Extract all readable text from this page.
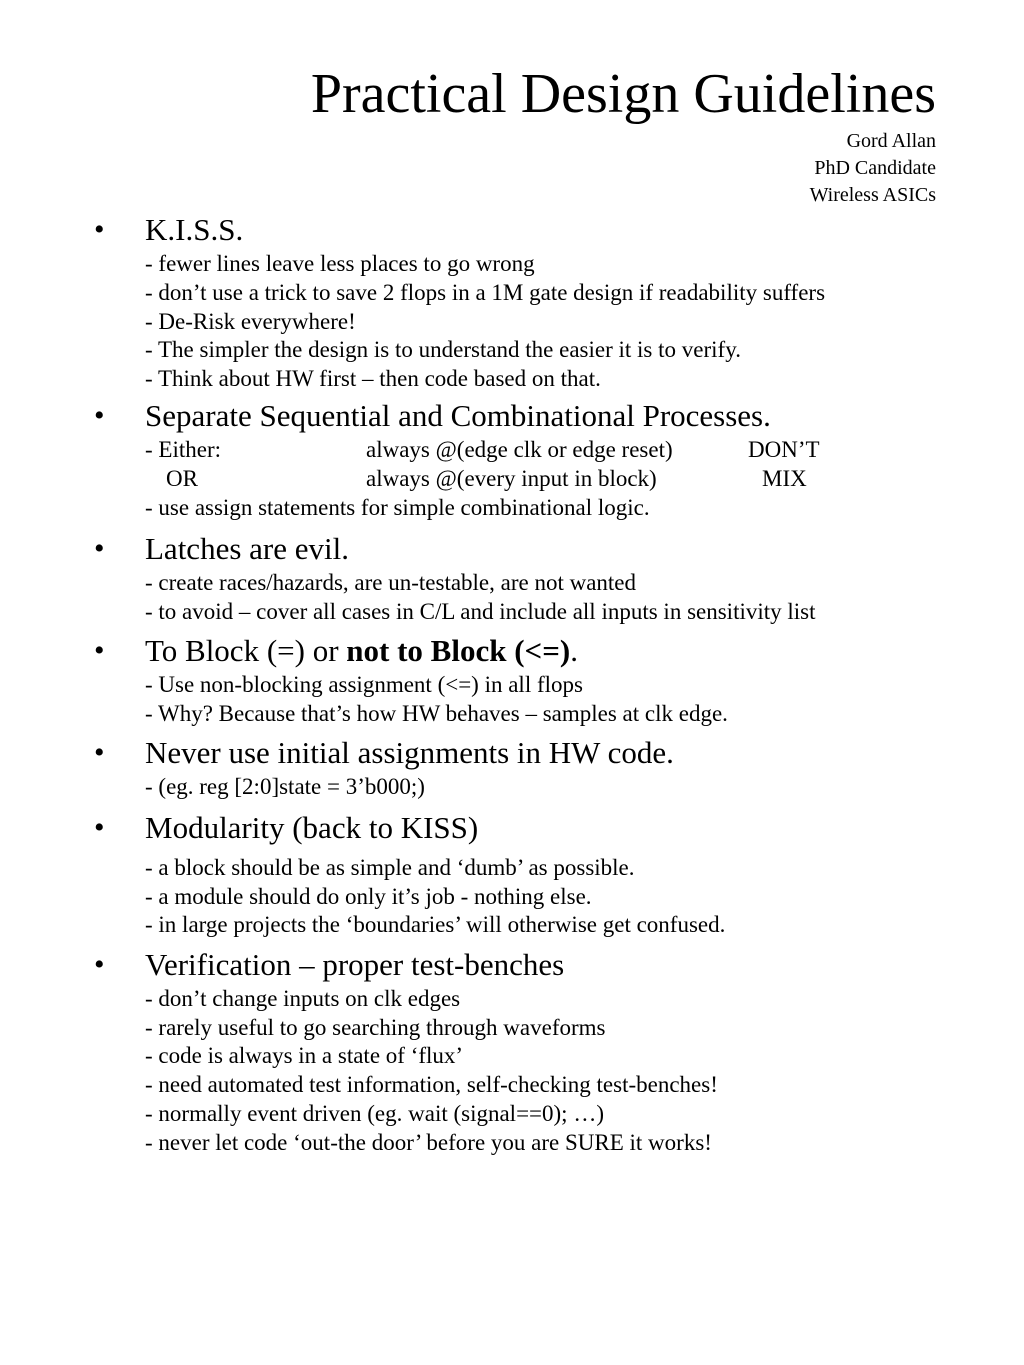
Practical Design Guidelines
Gord Allan
PhD Candidate
Wireless ASICs
• K.I.S.S.
- fewer lines leave less places to go wrong
- don’t use a trick to save 2 flops in a 1M gate design if readability suffers
- De-Risk everywhere!
- The simpler the design is to understand the easier it is to verify.
- Think about HW first – then code based on that.
• Separate Sequential and Combinational Processes.
- Either:	always @(edge clk or edge reset)	DON’T
OR	always @(every input in block)	MIX
- use assign statements for simple combinational logic.
• Latches are evil.
- create races/hazards, are un-testable, are not wanted
- to avoid – cover all cases in C/L and include all inputs in sensitivity list
• To Block (=) or not to Block (<=).
- Use non-blocking assignment (<=) in all flops
- Why? Because that’s how HW behaves – samples at clk edge.
• Never use initial assignments in HW code.
- (eg. reg [2:0]state = 3’b000;)
• Modularity (back to KISS)
- a block should be as simple and ‘dumb’ as possible.
- a module should do only it’s job - nothing else.
- in large projects the ‘boundaries’ will otherwise get confused.
• Verification – proper test-benches
- don’t change inputs on clk edges
- rarely useful to go searching through waveforms
- code is always in a state of ‘flux’
- need automated test information, self-checking test-benches!
- normally event driven (eg. wait (signal==0); …)
- never let code ‘out-the door’ before you are SURE it works!
